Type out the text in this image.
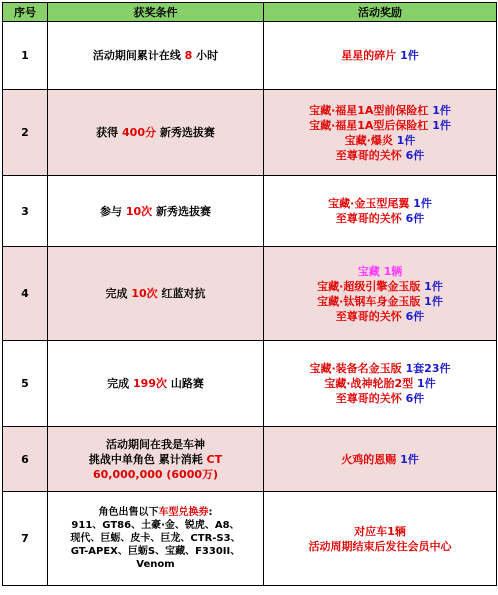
序号	获奖条件	活动奖励
1	活动期间累计在线 8 小时	星星的碎片 1件

2	获得 400分 新秀选拔赛	宝藏·福星1A型前保险杠 1件
宝藏·福星1A型后保险杠 1件
宝藏·爆炎 1件
至尊哥的关怀 6件

3	参与 10次 新秀选拔赛	宝藏·金玉型尾翼 1件
至尊哥的关怀 6件

4	完成 10次 红蓝对抗	宝藏 1辆
宝藏·超级引擎金玉版 1件
宝藏·钛钢车身金玉版 1件
至尊哥的关怀 6件

5	完成 199次 山路赛	宝藏·装备名金玉版 1套23件
宝藏·战神轮胎2型 1件
至尊哥的关怀 6件

6	活动期间在我是车神
挑战中单角色 累计消耗 CT
60,000,000 (6000万)	火鸡的恩赐 1件

7	角色出售以下车型兑换券:
911、GT86、土豪·金、锐虎、A8、
现代、巨蛎、皮卡、巨龙、CTR-S3、
GT-APEX、巨蛎S、宝藏、F330II、
Venom	对应车1辆
活动周期结束后发往会员中心
